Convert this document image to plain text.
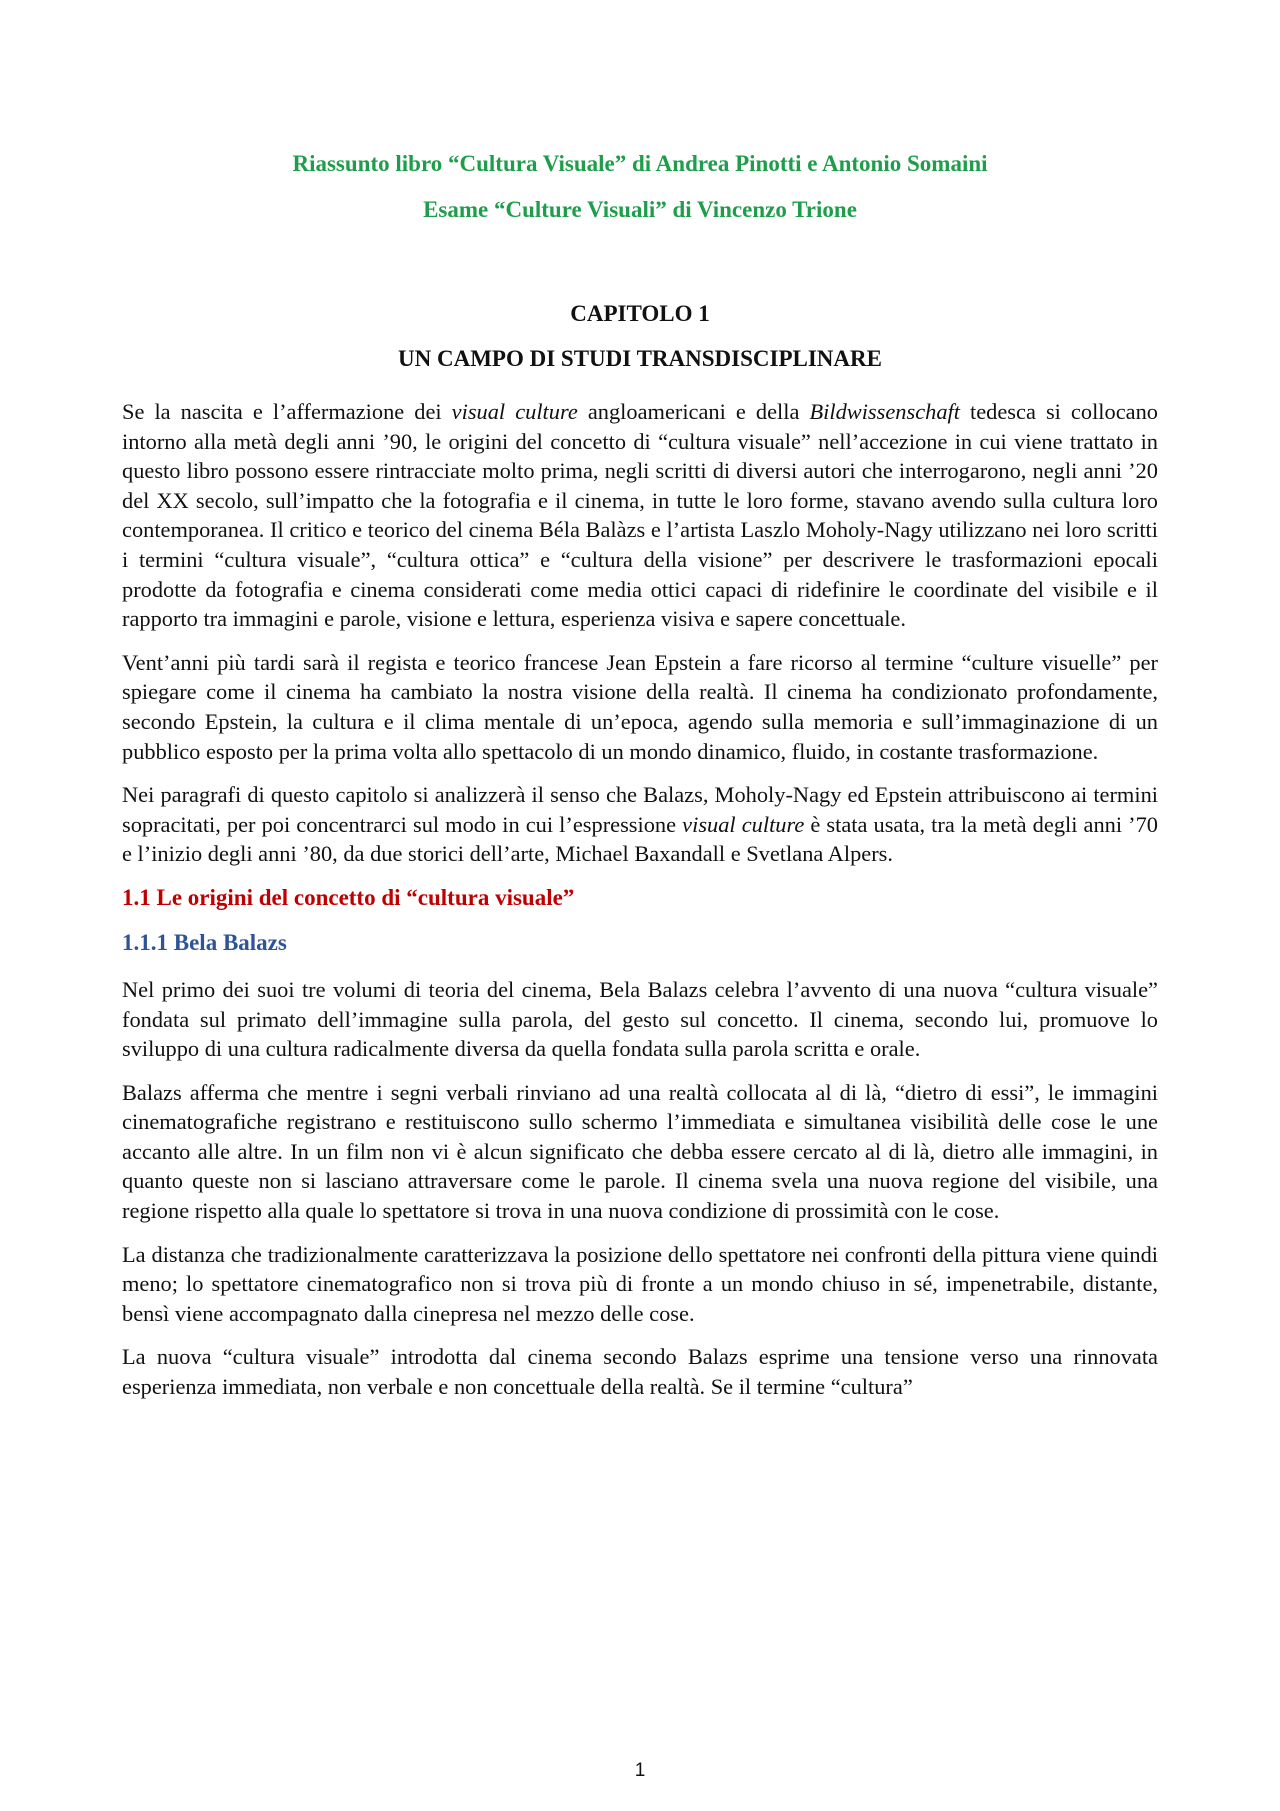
Riassunto libro “Cultura Visuale” di Andrea Pinotti e Antonio Somaini

Esame “Culture Visuali” di Vincenzo Trione

CAPITOLO 1

UN CAMPO DI STUDI TRANSDISCIPLINARE

Se la nascita e l’affermazione dei visual culture angloamericani e della Bildwissenschaft tedesca si collocano intorno alla metà degli anni ’90, le origini del concetto di “cultura visuale” nell’accezione in cui viene trattato in questo libro possono essere rintracciate molto prima, negli scritti di diversi autori che interrogarono, negli anni ’20 del XX secolo, sull’impatto che la fotografia e il cinema, in tutte le loro forme, stavano avendo sulla cultura loro contemporanea. Il critico e teorico del cinema Béla Balàzs e l’artista Laszlo Moholy-Nagy utilizzano nei loro scritti i termini “cultura visuale”, “cultura ottica” e “cultura della visione” per descrivere le trasformazioni epocali prodotte da fotografia e cinema considerati come media ottici capaci di ridefinire le coordinate del visibile e il rapporto tra immagini e parole, visione e lettura, esperienza visiva e sapere concettuale.

Vent’anni più tardi sarà il regista e teorico francese Jean Epstein a fare ricorso al termine “culture visuelle” per spiegare come il cinema ha cambiato la nostra visione della realtà. Il cinema ha condizionato profondamente, secondo Epstein, la cultura e il clima mentale di un’epoca, agendo sulla memoria e sull’immaginazione di un pubblico esposto per la prima volta allo spettacolo di un mondo dinamico, fluido, in costante trasformazione.

Nei paragrafi di questo capitolo si analizzerà il senso che Balazs, Moholy-Nagy ed Epstein attribuiscono ai termini sopracitati, per poi concentrarci sul modo in cui l’espressione visual culture è stata usata, tra la metà degli anni ’70 e l’inizio degli anni ’80, da due storici dell’arte, Michael Baxandall e Svetlana Alpers.

1.1 Le origini del concetto di “cultura visuale”

1.1.1 Bela Balazs

Nel primo dei suoi tre volumi di teoria del cinema, Bela Balazs celebra l’avvento di una nuova “cultura visuale” fondata sul primato dell’immagine sulla parola, del gesto sul concetto. Il cinema, secondo lui, promuove lo sviluppo di una cultura radicalmente diversa da quella fondata sulla parola scritta e orale.

Balazs afferma che mentre i segni verbali rinviano ad una realtà collocata al di là, “dietro di essi”, le immagini cinematografiche registrano e restituiscono sullo schermo l’immediata e simultanea visibilità delle cose le une accanto alle altre. In un film non vi è alcun significato che debba essere cercato al di là, dietro alle immagini, in quanto queste non si lasciano attraversare come le parole. Il cinema svela una nuova regione del visibile, una regione rispetto alla quale lo spettatore si trova in una nuova condizione di prossimità con le cose.

La distanza che tradizionalmente caratterizzava la posizione dello spettatore nei confronti della pittura viene quindi meno; lo spettatore cinematografico non si trova più di fronte a un mondo chiuso in sé, impenetrabile, distante, bensì viene accompagnato dalla cinepresa nel mezzo delle cose.

La nuova “cultura visuale” introdotta dal cinema secondo Balazs esprime una tensione verso una rinnovata esperienza immediata, non verbale e non concettuale della realtà. Se il termine “cultura”

1
